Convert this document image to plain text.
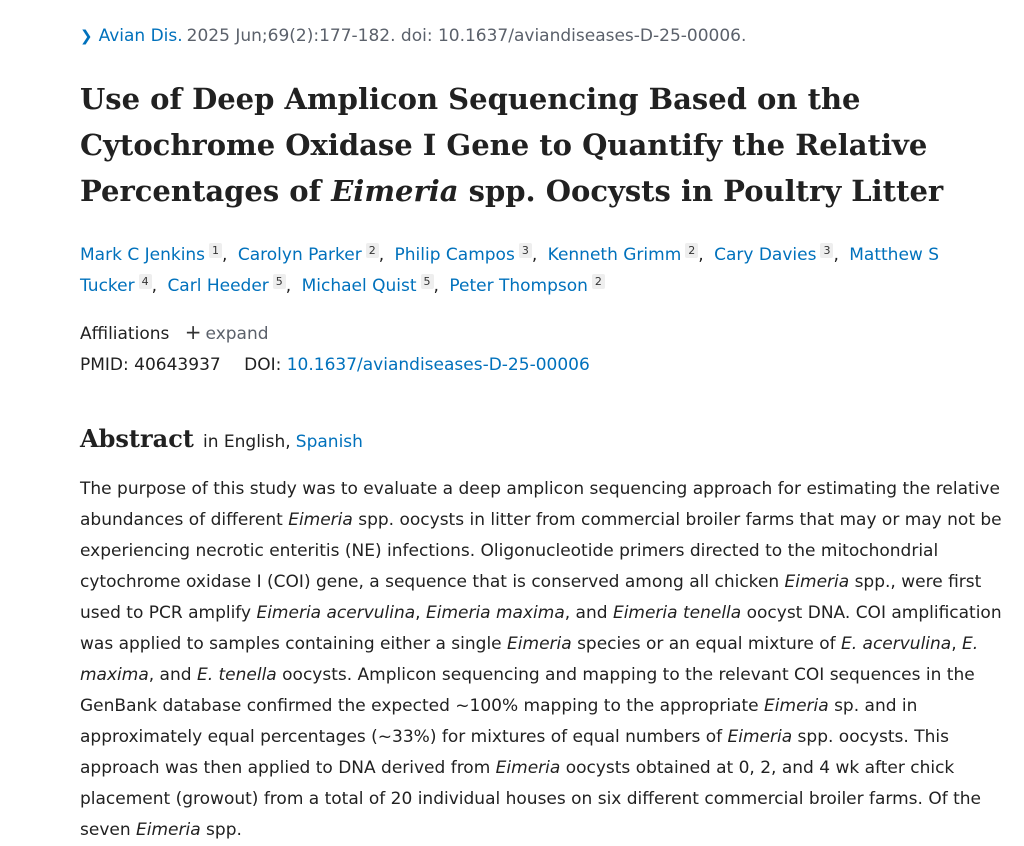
❯ Avian Dis. 2025 Jun;69(2):177-182. doi: 10.1637/aviandiseases-D-25-00006.
Use of Deep Amplicon Sequencing Based on the Cytochrome Oxidase I Gene to Quantify the Relative Percentages of Eimeria spp. Oocysts in Poultry Litter
Mark C Jenkins 1 , Carolyn Parker 2 , Philip Campos 3 , Kenneth Grimm 2 , Cary Davies 3 , Matthew S Tucker 4 , Carl Heeder 5 , Michael Quist 5 , Peter Thompson 2
Affiliations + expand
PMID: 40643937 DOI: 10.1637/aviandiseases-D-25-00006
Abstract in English, Spanish

The purpose of this study was to evaluate a deep amplicon sequencing approach for estimating the relative abundances of different Eimeria spp. oocysts in litter from commercial broiler farms that may or may not be experiencing necrotic enteritis (NE) infections. Oligonucleotide primers directed to the mitochondrial cytochrome oxidase I (COI) gene, a sequence that is conserved among all chicken Eimeria spp., were first used to PCR amplify Eimeria acervulina, Eimeria maxima, and Eimeria tenella oocyst DNA. COI amplification was applied to samples containing either a single Eimeria species or an equal mixture of E. acervulina, E. maxima, and E. tenella oocysts. Amplicon sequencing and mapping to the relevant COI sequences in the GenBank database confirmed the expected ~100% mapping to the appropriate Eimeria sp. and in approximately equal percentages (~33%) for mixtures of equal numbers of Eimeria spp. oocysts. This approach was then applied to DNA derived from Eimeria oocysts obtained at 0, 2, and 4 wk after chick placement (growout) from a total of 20 individual houses on six different commercial broiler farms. Of the seven Eimeria spp.
